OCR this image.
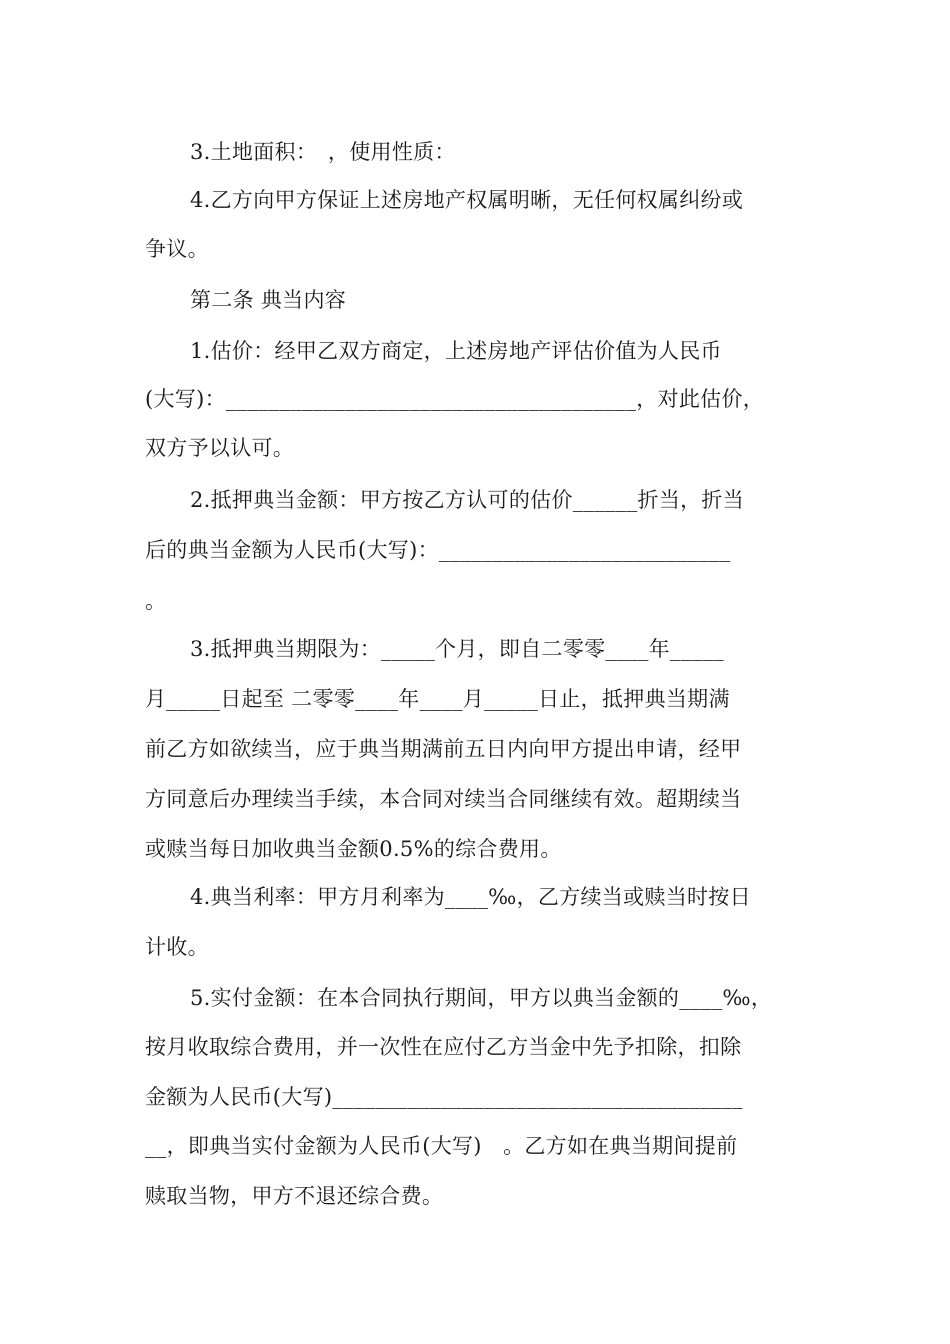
3.土地面积：　，使用性质：
4.乙方向甲方保证上述房地产权属明晰，无任何权属纠纷或
争议。
第二条 典当内容
1.估价：经甲乙双方商定，上述房地产评估价值为人民币
(大写)：______________________________________，对此估价，
双方予以认可。
2.抵押典当金额：甲方按乙方认可的估价______折当，折当
后的典当金额为人民币(大写)：___________________________
。
3.抵押典当期限为：_____个月，即自二零零____年_____
月_____日起至 二零零____年____月_____日止，抵押典当期满
前乙方如欲续当，应于典当期满前五日内向甲方提出申请，经甲
方同意后办理续当手续，本合同对续当合同继续有效。超期续当
或赎当每日加收典当金额0.5%的综合费用。
4.典当利率：甲方月利率为____‰，乙方续当或赎当时按日
计收。
5.实付金额：在本合同执行期间，甲方以典当金额的____‰，
按月收取综合费用，并一次性在应付乙方当金中先予扣除，扣除
金额为人民币(大写)______________________________________
__，即典当实付金额为人民币(大写)　。乙方如在典当期间提前
赎取当物，甲方不退还综合费。
